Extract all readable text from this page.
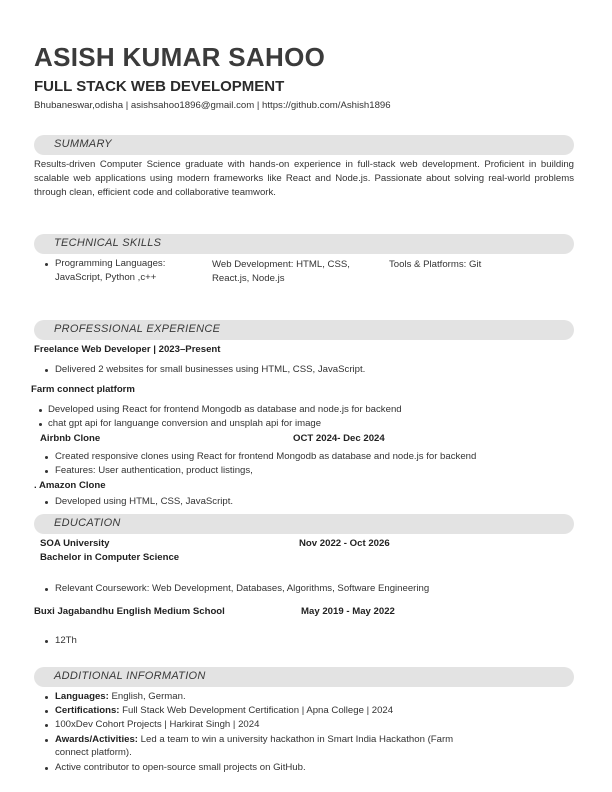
ASISH KUMAR SAHOO
FULL STACK WEB DEVELOPMENT
Bhubaneswar,odisha | asishsahoo1896@gmail.com | https://github.com/Ashish1896
SUMMARY
Results-driven Computer Science graduate with hands-on experience in full-stack web development. Proficient in building scalable web applications using modern frameworks like React and Node.js. Passionate about solving real-world problems through clean, efficient code and collaborative teamwork.
TECHNICAL SKILLS
Programming Languages:
JavaScript, Python ,c++
Web Development: HTML, CSS,
React.js, Node.js
Tools & Platforms: Git
PROFESSIONAL EXPERIENCE
Freelance Web Developer | 2023–Present
Delivered 2 websites for small businesses using HTML, CSS, JavaScript.
Farm connect platform
Developed using React for frontend Mongodb as database and node.js for backend
chat gpt api for languange conversion and unsplah api for image
Airbnb Clone	OCT 2024- Dec 2024
Created responsive clones using React for frontend Mongodb as database and node.js for backend
Features: User authentication, product listings,
. Amazon Clone
Developed using HTML, CSS, JavaScript.
EDUCATION
SOA University	Nov 2022 - Oct 2026
Bachelor in Computer Science
Relevant Coursework: Web Development, Databases, Algorithms, Software Engineering
Buxi Jagabandhu English Medium School	May 2019 - May 2022
12Th
ADDITIONAL INFORMATION
Languages: English, German.
Certifications: Full Stack Web Development Certification | Apna College | 2024
100xDev Cohort Projects | Harkirat Singh | 2024
Awards/Activities: Led a team to win a university hackathon in Smart India Hackathon (Farm
connect platform).
Active contributor to open-source small projects on GitHub.
